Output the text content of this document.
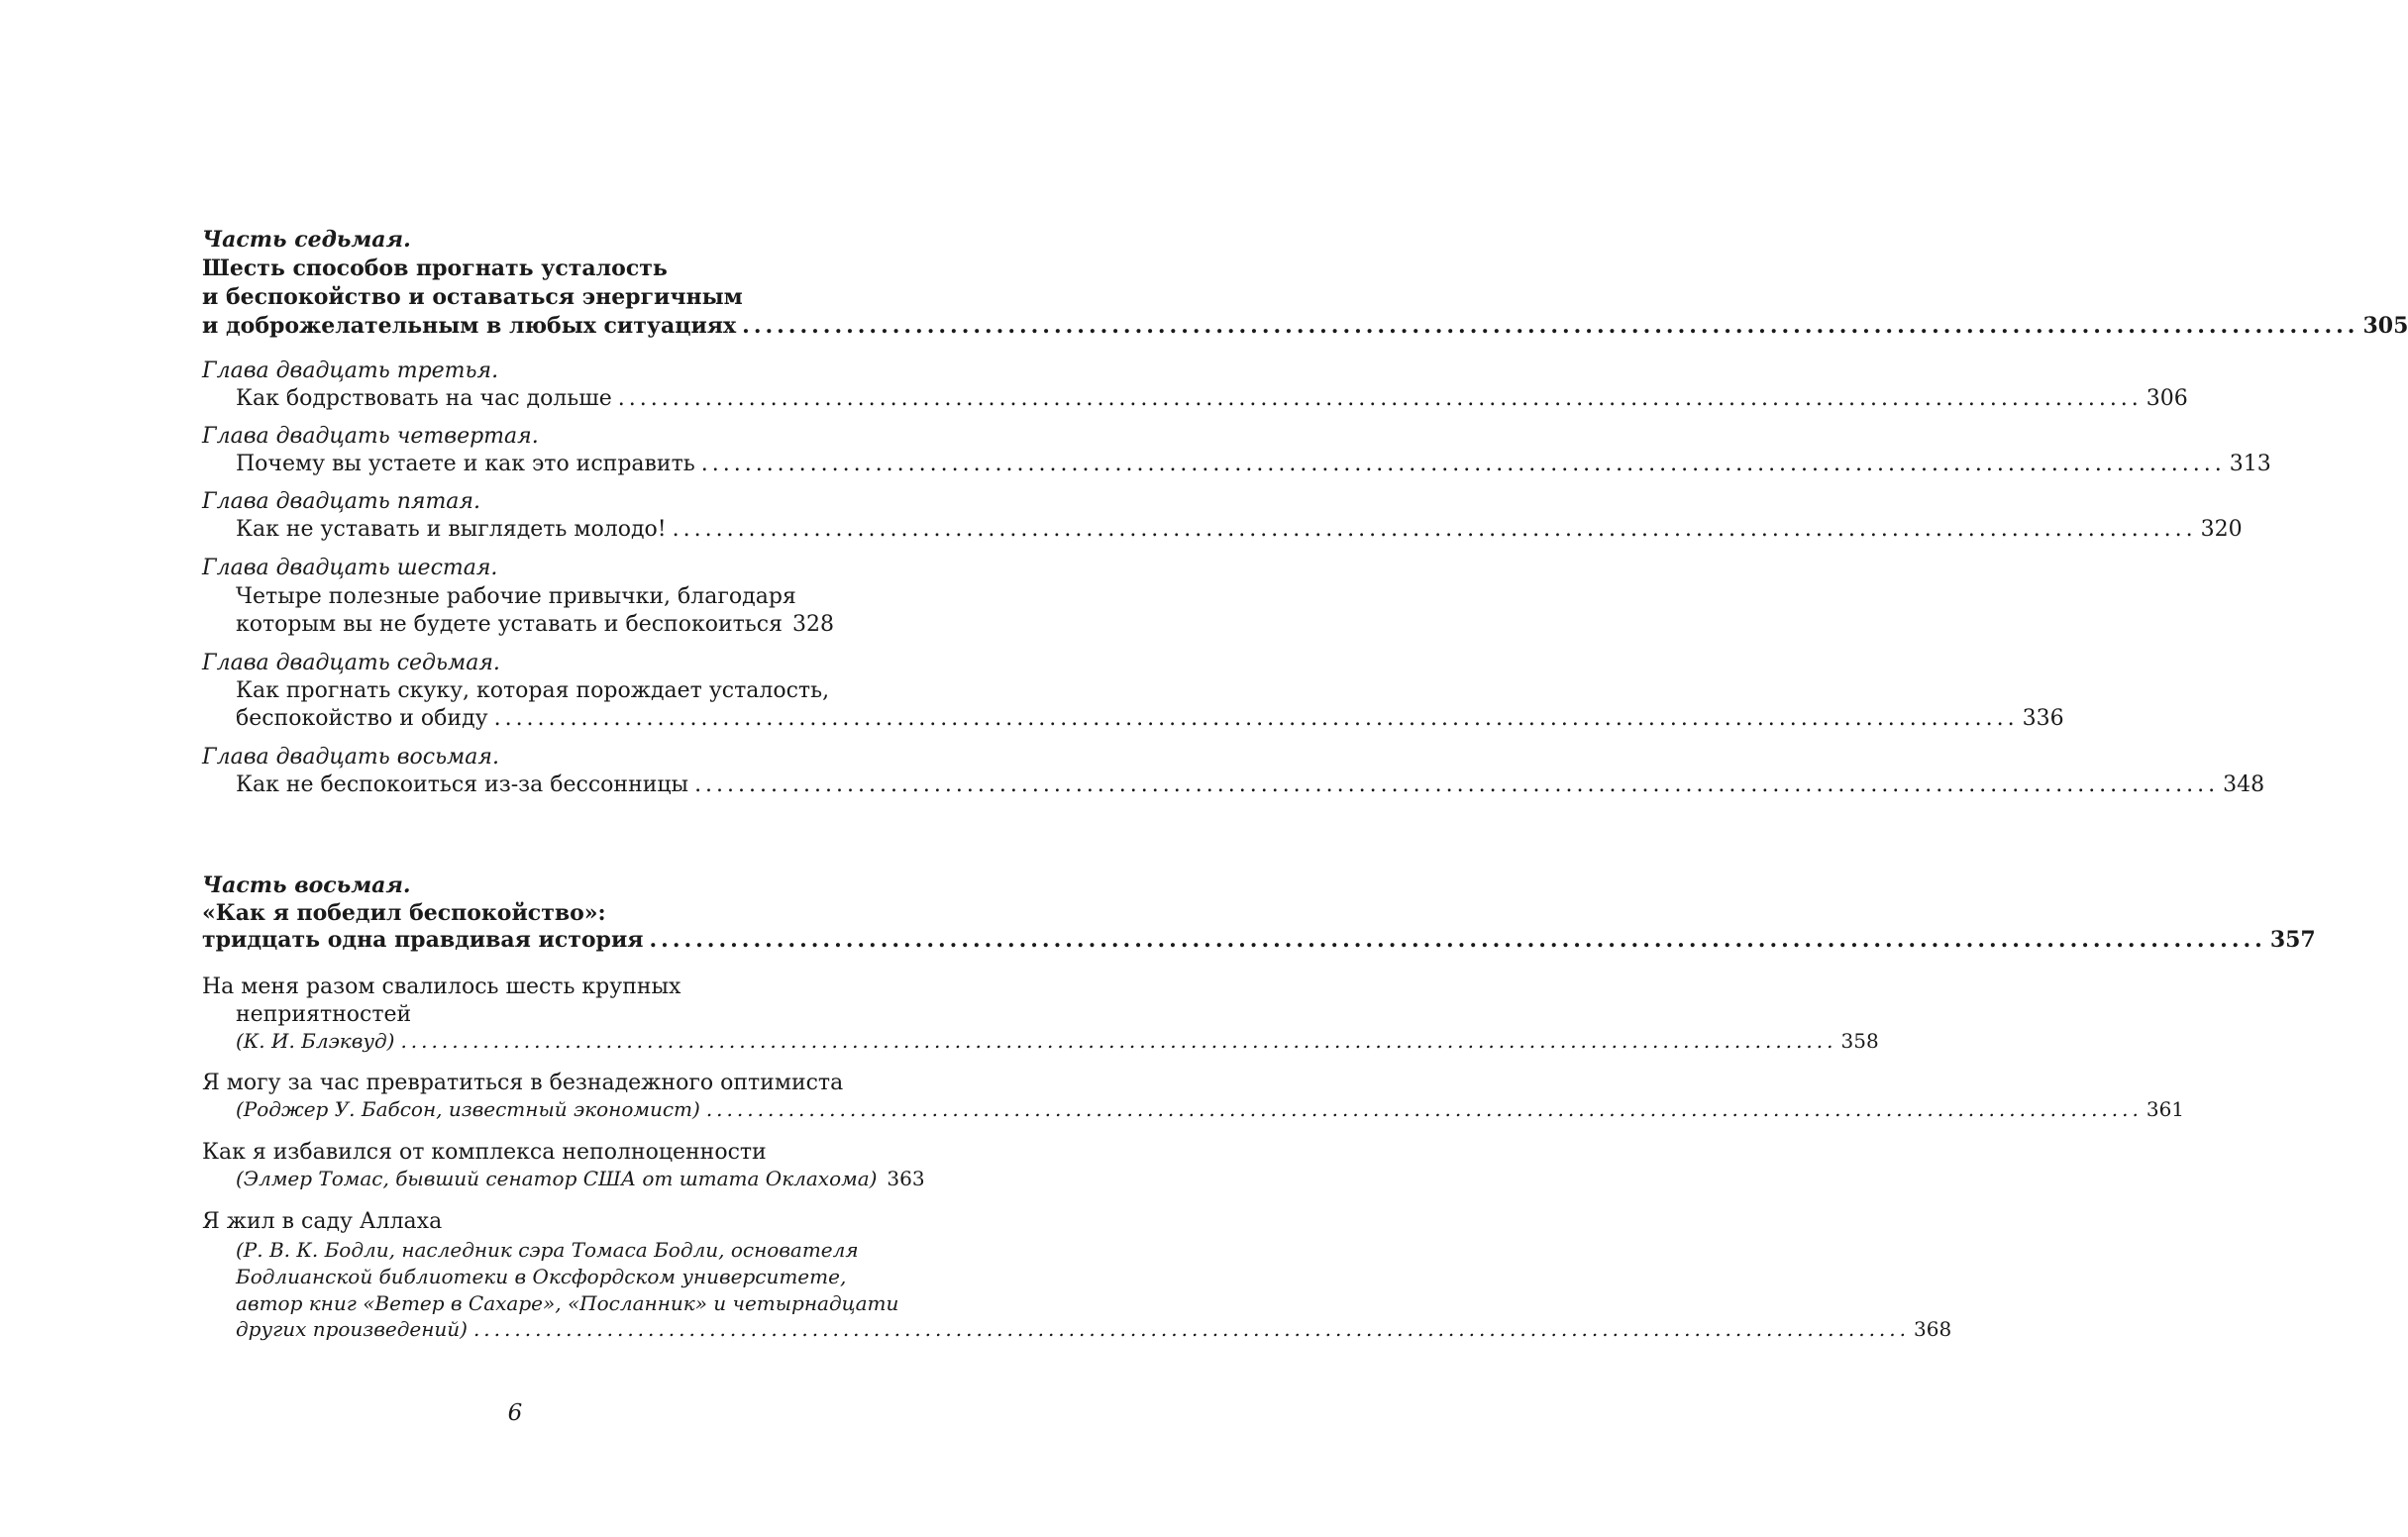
Часть седьмая.
Шесть способов прогнать усталость
и беспокойство и оставаться энергичным
и доброжелательным в любых ситуациях ............................................................................................................................................ 305
Глава двадцать третья.
Как бодрствовать на час дольше ............................................................................................................................................ 306
Глава двадцать четвертая.
Почему вы устаете и как это исправить ............................................................................................................................................ 313
Глава двадцать пятая.
Как не уставать и выглядеть молодо! ............................................................................................................................................ 320
Глава двадцать шестая.
Четыре полезные рабочие привычки, благодаря
которым вы не будете уставать и беспокоиться 328
Глава двадцать седьмая.
Как прогнать скуку, которая порождает усталость,
беспокойство и обиду ............................................................................................................................................ 336
Глава двадцать восьмая.
Как не беспокоиться из-за бессонницы ............................................................................................................................................ 348
Часть восьмая.
«Как я победил беспокойство»:
тридцать одна правдивая история ............................................................................................................................................ 357
На меня разом свалилось шесть крупных
неприятностей
(К. И. Блэквуд) ............................................................................................................................................ 358
Я могу за час превратиться в безнадежного оптимиста
(Роджер У. Бабсон, известный экономист) ............................................................................................................................................ 361
Как я избавился от комплекса неполноценности
(Элмер Томас, бывший сенатор США от штата Оклахома) 363
Я жил в саду Аллаха
(Р. В. К. Бодли, наследник сэра Томаса Бодли, основателя
Бодлианской библиотеки в Оксфордском университете,
автор книг «Ветер в Сахаре», «Посланник» и четырнадцати
других произведений) ............................................................................................................................................ 368
6
